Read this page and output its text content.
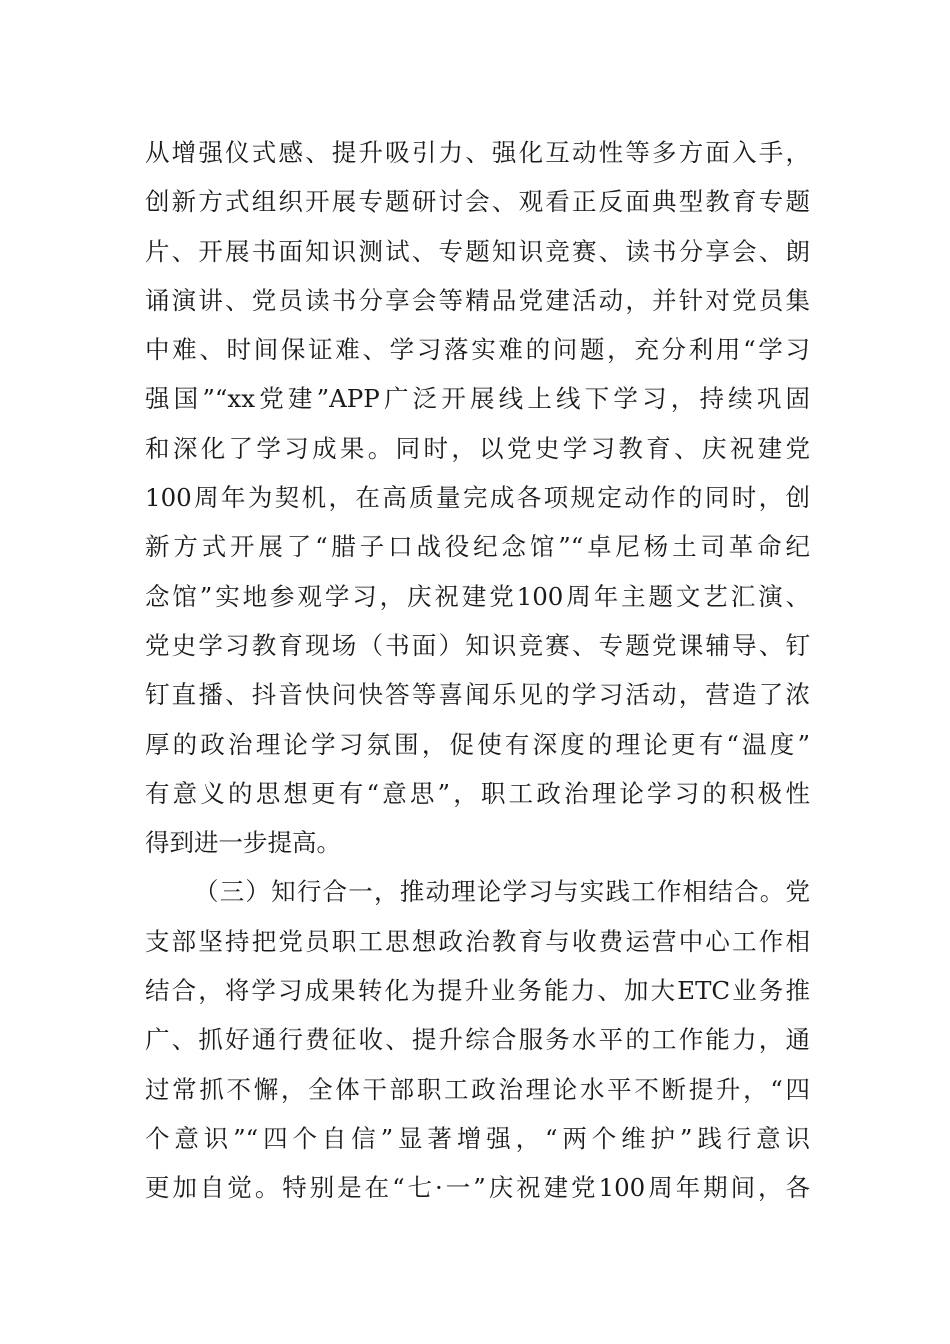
从增强仪式感、提升吸引力、强化互动性等多方面入手，
创新方式组织开展专题研讨会、观看正反面典型教育专题
片、开展书面知识测试、专题知识竞赛、读书分享会、朗
诵演讲、党员读书分享会等精品党建活动，并针对党员集
中难、时间保证难、学习落实难的问题，充分利用“学习
强国”“xx党建”APP广泛开展线上线下学习，持续巩固
和深化了学习成果。同时，以党史学习教育、庆祝建党
100周年为契机，在高质量完成各项规定动作的同时，创
新方式开展了“腊子口战役纪念馆”“卓尼杨土司革命纪
念馆”实地参观学习，庆祝建党100周年主题文艺汇演、
党史学习教育现场（书面）知识竞赛、专题党课辅导、钉
钉直播、抖音快问快答等喜闻乐见的学习活动，营造了浓
厚的政治理论学习氛围，促使有深度的理论更有“温度”
有意义的思想更有“意思”，职工政治理论学习的积极性
得到进一步提高。
（三）知行合一，推动理论学习与实践工作相结合。党
支部坚持把党员职工思想政治教育与收费运营中心工作相
结合，将学习成果转化为提升业务能力、加大ETC业务推
广、抓好通行费征收、提升综合服务水平的工作能力，通
过常抓不懈，全体干部职工政治理论水平不断提升，“四
个意识”“四个自信”显著增强，“两个维护”践行意识
更加自觉。特别是在“七·一”庆祝建党100周年期间，各
